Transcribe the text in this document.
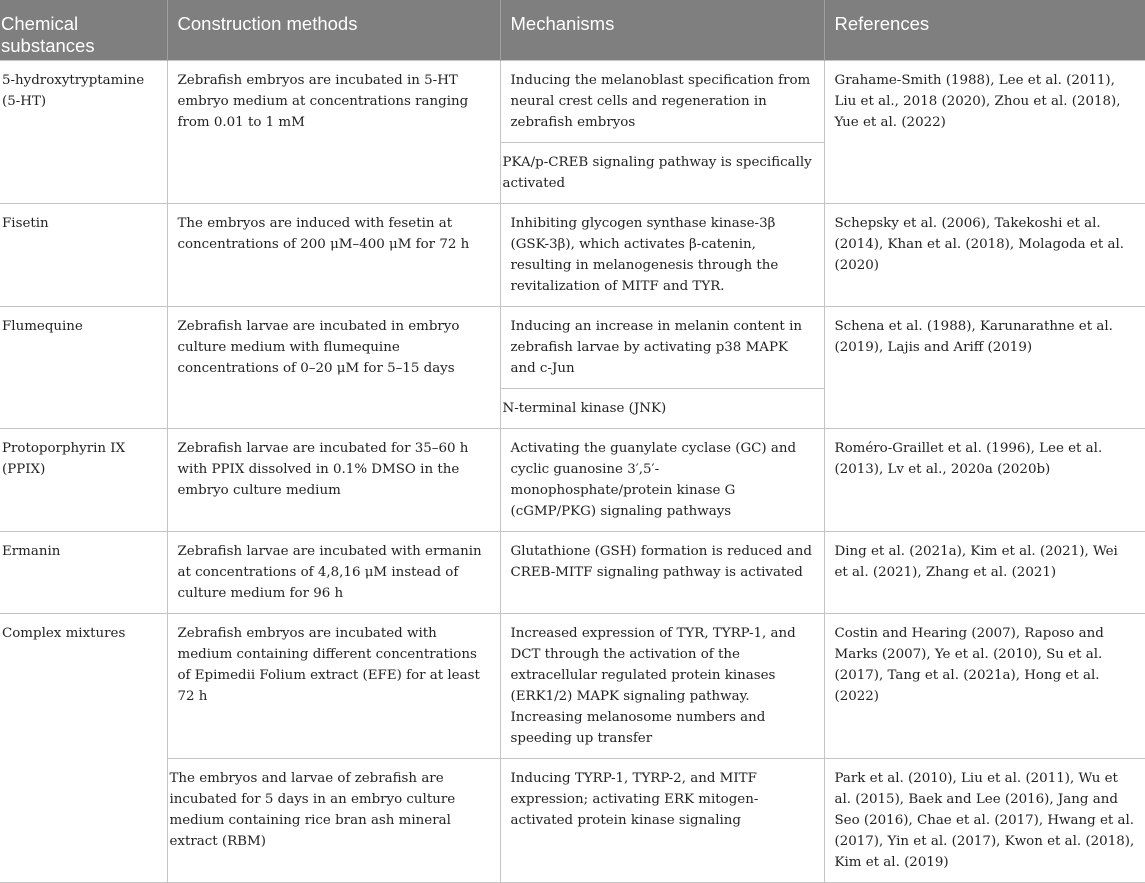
Chemical substances	Construction methods	Mechanisms	References
5-hydroxytryptamine (5-HT)	Zebrafish embryos are incubated in 5-HT embryo medium at concentrations ranging from 0.01 to 1 mM	Inducing the melanoblast specification from neural crest cells and regeneration in zebrafish embryos	Grahame-Smith (1988), Lee et al. (2011), Liu et al., 2018 (2020), Zhou et al. (2018), Yue et al. (2022)
		PKA/p-CREB signaling pathway is specifically activated	
Fisetin	The embryos are induced with fesetin at concentrations of 200 μM–400 μM for 72 h	Inhibiting glycogen synthase kinase-3β (GSK-3β), which activates β-catenin, resulting in melanogenesis through the revitalization of MITF and TYR.	Schepsky et al. (2006), Takekoshi et al. (2014), Khan et al. (2018), Molagoda et al. (2020)
Flumequine	Zebrafish larvae are incubated in embryo culture medium with flumequine concentrations of 0–20 μM for 5–15 days	Inducing an increase in melanin content in zebrafish larvae by activating p38 MAPK and c-Jun	Schena et al. (1988), Karunarathne et al. (2019), Lajis and Ariff (2019)
		N-terminal kinase (JNK)	
Protoporphyrin IX (PPIX)	Zebrafish larvae are incubated for 35–60 h with PPIX dissolved in 0.1% DMSO in the embryo culture medium	Activating the guanylate cyclase (GC) and cyclic guanosine 3′,5′-monophosphate/protein kinase G (cGMP/PKG) signaling pathways	Roméro-Graillet et al. (1996), Lee et al. (2013), Lv et al., 2020a (2020b)
Ermanin	Zebrafish larvae are incubated with ermanin at concentrations of 4,8,16 μM instead of culture medium for 96 h	Glutathione (GSH) formation is reduced and CREB-MITF signaling pathway is activated	Ding et al. (2021a), Kim et al. (2021), Wei et al. (2021), Zhang et al. (2021)
Complex mixtures	Zebrafish embryos are incubated with medium containing different concentrations of Epimedii Folium extract (EFE) for at least 72 h	Increased expression of TYR, TYRP-1, and DCT through the activation of the extracellular regulated protein kinases (ERK1/2) MAPK signaling pathway. Increasing melanosome numbers and speeding up transfer	Costin and Hearing (2007), Raposo and Marks (2007), Ye et al. (2010), Su et al. (2017), Tang et al. (2021a), Hong et al. (2022)
	The embryos and larvae of zebrafish are incubated for 5 days in an embryo culture medium containing rice bran ash mineral extract (RBM)	Inducing TYRP-1, TYRP-2, and MITF expression; activating ERK mitogen-activated protein kinase signaling	Park et al. (2010), Liu et al. (2011), Wu et al. (2015), Baek and Lee (2016), Jang and Seo (2016), Chae et al. (2017), Hwang et al. (2017), Yin et al. (2017), Kwon et al. (2018), Kim et al. (2019)
